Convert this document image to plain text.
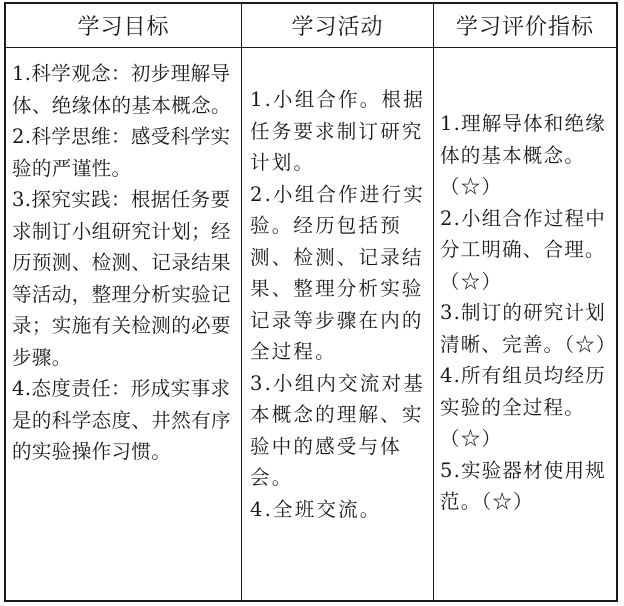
学习目标	学习活动	学习评价指标

1.科学观念：初步理解导体、绝缘体的基本概念。

2.科学思维：感受科学实验的严谨性。

3.探究实践：根据任务要求制订小组研究计划；经历预测、检测、记录结果等活动，整理分析实验记录；实施有关检测的必要步骤。

4.态度责任：形成实事求是的科学态度、井然有序的实验操作习惯。

1.小组合作。根据任务要求制订研究计划。

2.小组合作进行实验。经历包括预测、检测、记录结果、整理分析实验记录等步骤在内的全过程。

3.小组内交流对基本概念的理解、实验中的感受与体会。

4.全班交流。

1.理解导体和绝缘体的基本概念。（☆）

2.小组合作过程中分工明确、合理。（☆）

3.制订的研究计划清晰、完善。（☆）

4.所有组员均经历实验的全过程。（☆）

5.实验器材使用规范。（☆）
